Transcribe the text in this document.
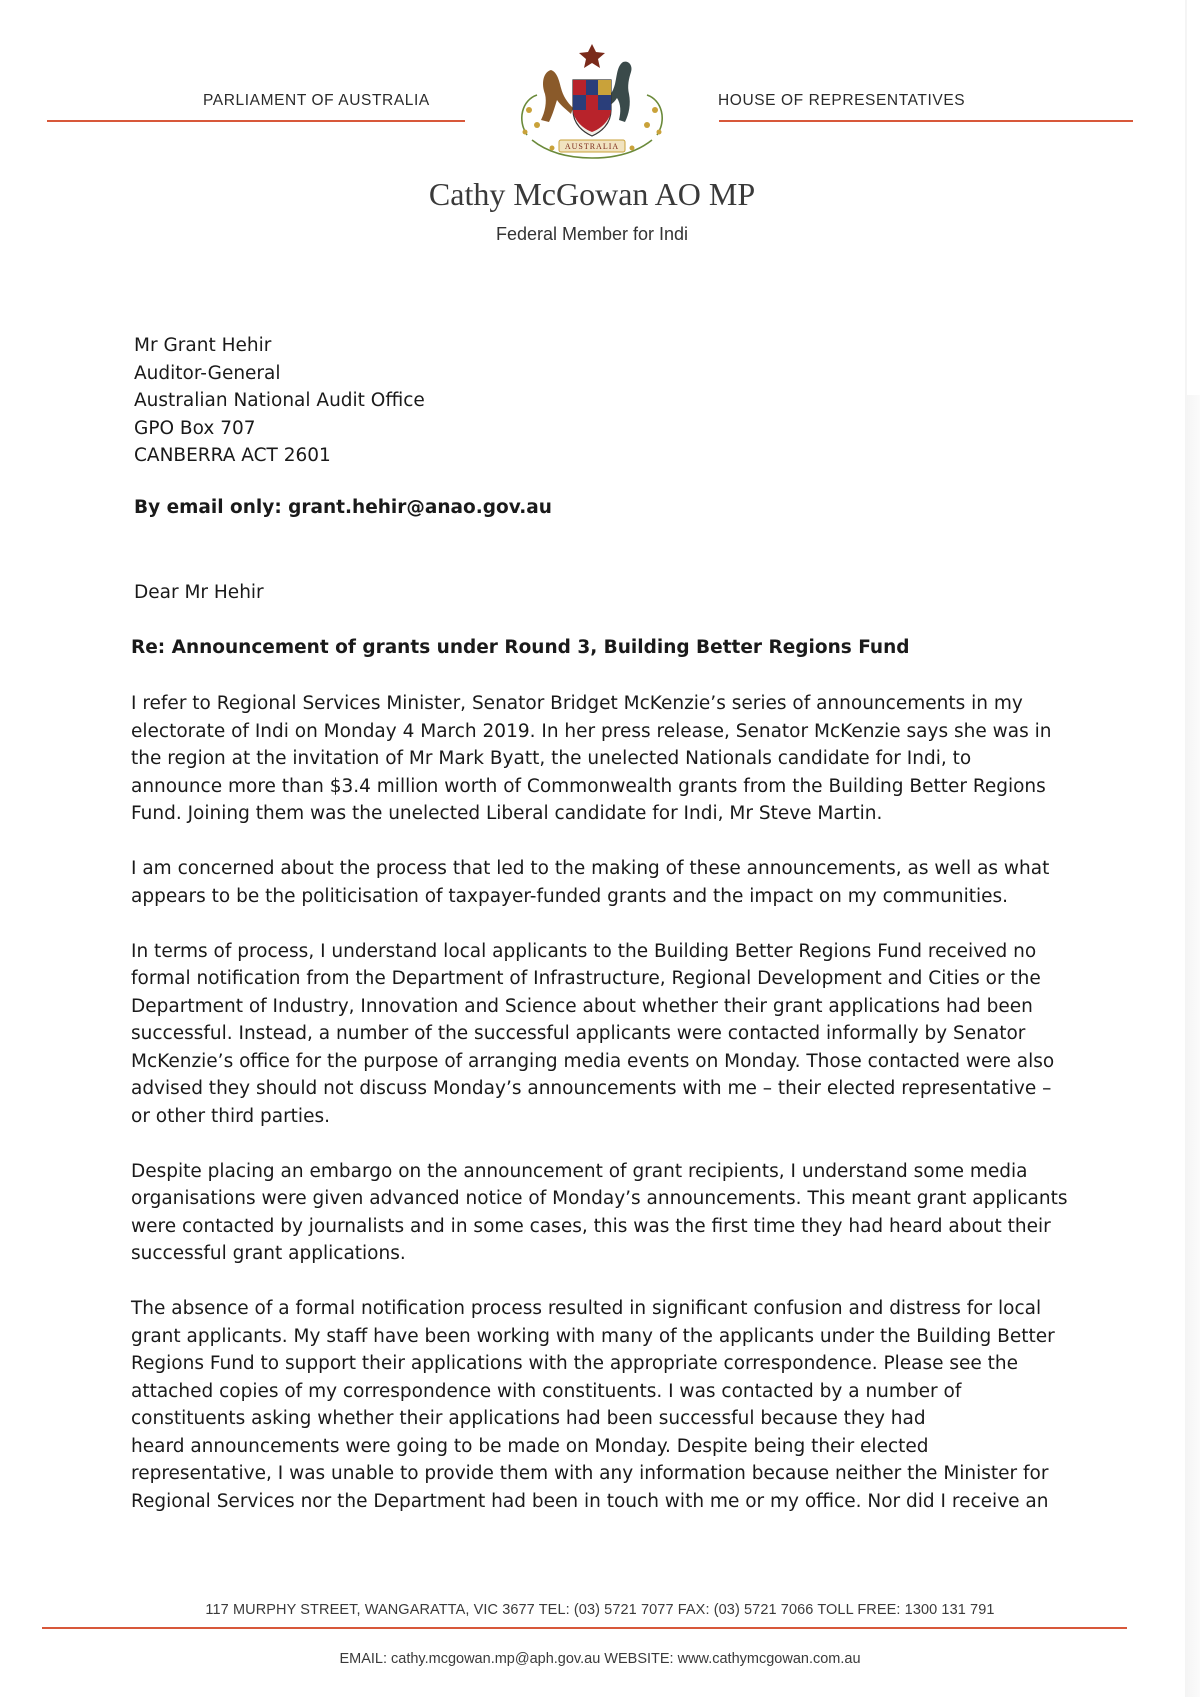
PARLIAMENT OF AUSTRALIA
AUSTRALIA
HOUSE OF REPRESENTATIVES
Cathy McGowan AO MP
Federal Member for Indi
Mr Grant Hehir
Auditor-General
Australian National Audit Office
GPO Box 707
CANBERRA ACT 2601
By email only: grant.hehir@anao.gov.au
Dear Mr Hehir
Re: Announcement of grants under Round 3, Building Better Regions Fund

I refer to Regional Services Minister, Senator Bridget McKenzie’s series of announcements in my
electorate of Indi on Monday 4 March 2019. In her press release, Senator McKenzie says she was in
the region at the invitation of Mr Mark Byatt, the unelected Nationals candidate for Indi, to
announce more than $3.4 million worth of Commonwealth grants from the Building Better Regions
Fund. Joining them was the unelected Liberal candidate for Indi, Mr Steve Martin.

I am concerned about the process that led to the making of these announcements, as well as what
appears to be the politicisation of taxpayer-funded grants and the impact on my communities.

In terms of process, I understand local applicants to the Building Better Regions Fund received no
formal notification from the Department of Infrastructure, Regional Development and Cities or the
Department of Industry, Innovation and Science about whether their grant applications had been
successful. Instead, a number of the successful applicants were contacted informally by Senator
McKenzie’s office for the purpose of arranging media events on Monday. Those contacted were also
advised they should not discuss Monday’s announcements with me – their elected representative –
or other third parties.

Despite placing an embargo on the announcement of grant recipients, I understand some media
organisations were given advanced notice of Monday’s announcements. This meant grant applicants
were contacted by journalists and in some cases, this was the first time they had heard about their
successful grant applications.

The absence of a formal notification process resulted in significant confusion and distress for local
grant applicants. My staff have been working with many of the applicants under the Building Better
Regions Fund to support their applications with the appropriate correspondence. Please see the
attached copies of my correspondence with constituents. I was contacted by a number of
constituents asking whether their applications had been successful because they had
heard announcements were going to be made on Monday. Despite being their elected
representative, I was unable to provide them with any information because neither the Minister for
Regional Services nor the Department had been in touch with me or my office. Nor did I receive an

117 MURPHY STREET, WANGARATTA, VIC 3677 TEL: (03) 5721 7077 FAX: (03) 5721 7066 TOLL FREE: 1300 131 791
EMAIL: cathy.mcgowan.mp@aph.gov.au WEBSITE: www.cathymcgowan.com.au
